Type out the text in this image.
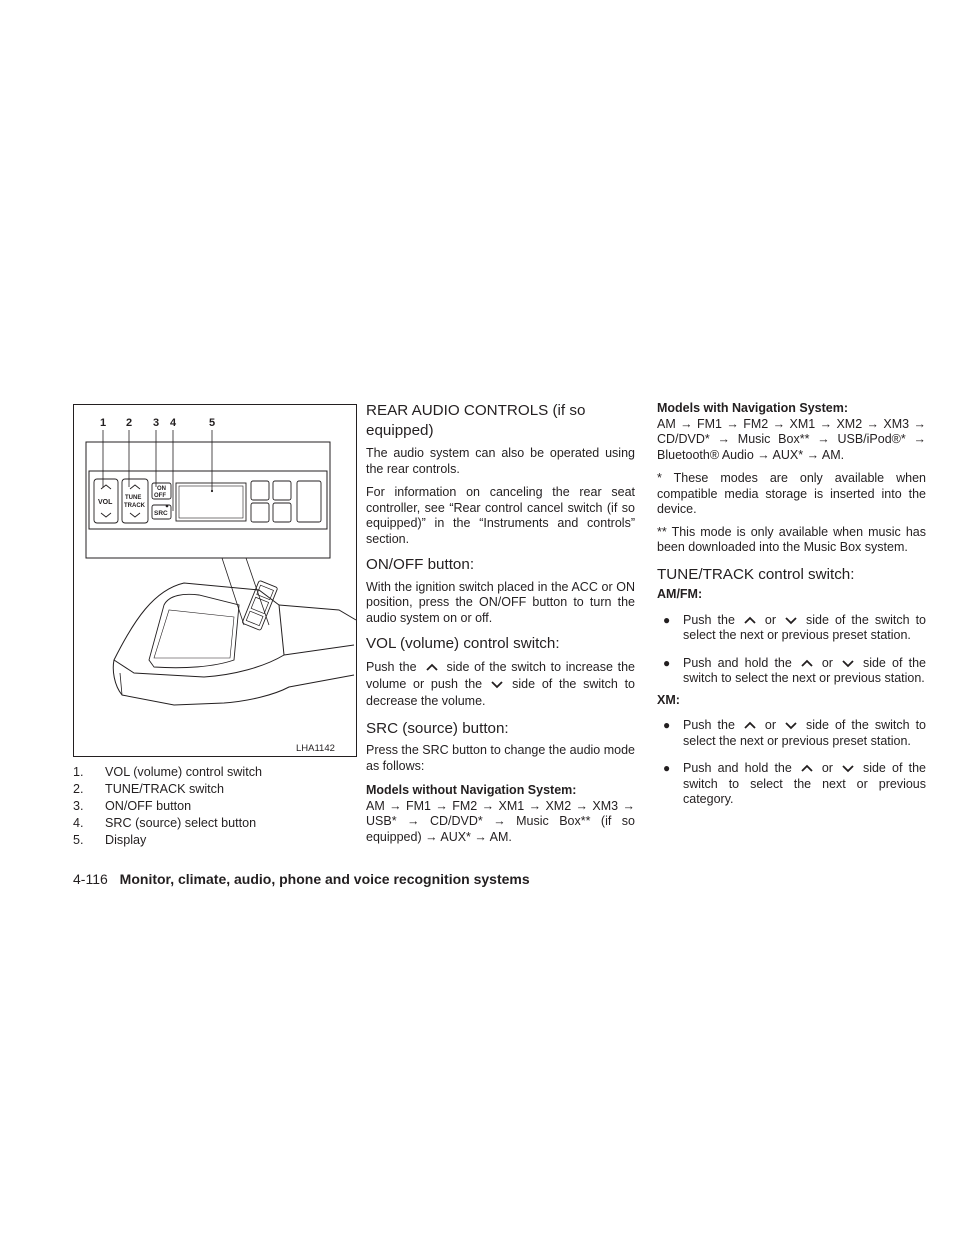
1 2 3 4	5
VOL
TUNE
TRACK
ON
OFF
SRC
LHA1142
1. VOL (volume) control switch
2. TUNE/TRACK switch
3. ON/OFF button
4. SRC (source) select button
5. Display
REAR AUDIO CONTROLS (if so
equipped)

The audio system can also be operated using the rear controls.

For information on canceling the rear seat controller, see “Rear control cancel switch (if so equipped)” in the “Instruments and controls” section.

ON/OFF button:

With the ignition switch placed in the ACC or ON position, press the ON/OFF button to turn the audio system on or off.

VOL (volume) control switch:

Push the side of the switch to increase the volume or push the side of the switch to decrease the volume.

SRC (source) button:

Press the SRC button to change the audio mode as follows:

Models without Navigation System:

AM → FM1 → FM2 → XM1 → XM2 → XM3 → USB* → CD/DVD* → Music Box** (if so equipped) → AUX* → AM.

Models with Navigation System:

AM → FM1 → FM2 → XM1 → XM2 → XM3 → CD/DVD* → Music Box** → USB/iPod®* → Bluetooth® Audio → AUX* → AM.

* These modes are only available when compatible media storage is inserted into the device.

** This mode is only available when music has been downloaded into the Music Box system.

TUNE/TRACK control switch:

AM/FM:

● Push the or side of the switch to select the next or previous preset station.
● Push and hold the or side of the switch to select the next or previous station.

XM:

● Push the or side of the switch to select the next or previous preset station.
● Push and hold the or side of the switch to select the next or previous category.
4-116 Monitor, climate, audio, phone and voice recognition systems
